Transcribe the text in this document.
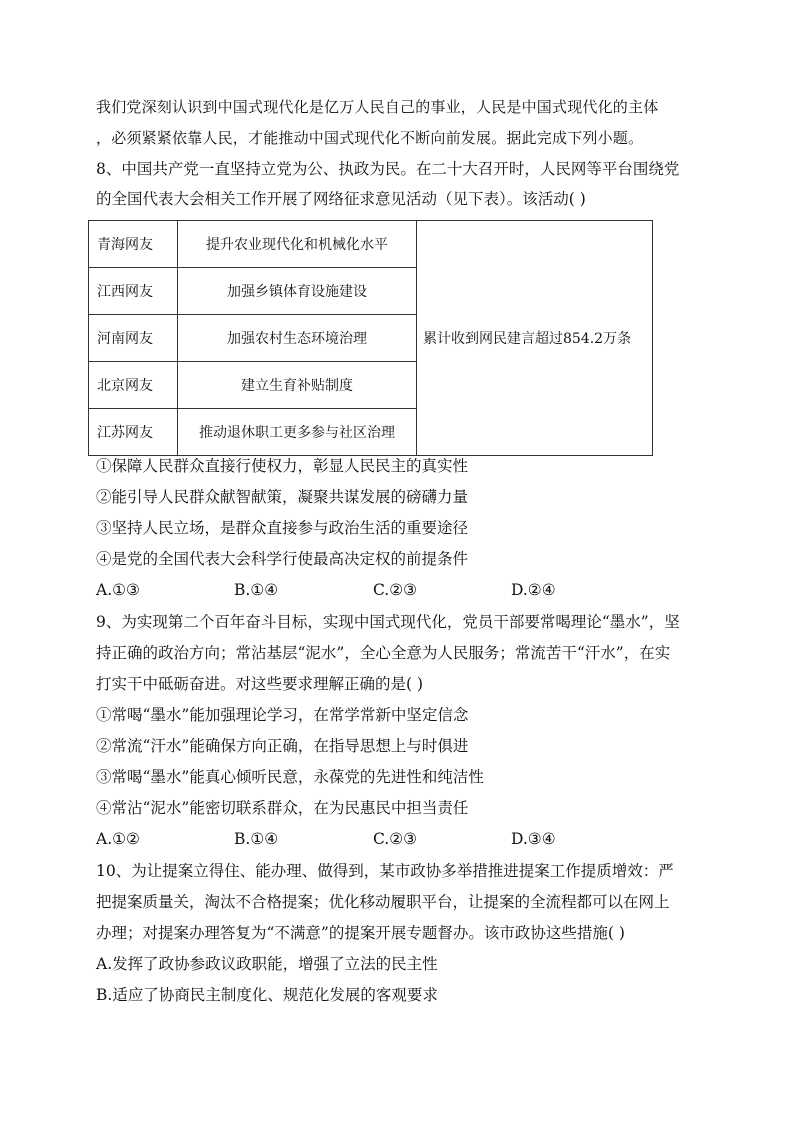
我们党深刻认识到中国式现代化是亿万人民自己的事业，人民是中国式现代化的主体
，必须紧紧依靠人民，才能推动中国式现代化不断向前发展。据此完成下列小题。
8、中国共产党一直坚持立党为公、执政为民。在二十大召开时，人民网等平台围绕党
的全国代表大会相关工作开展了网络征求意见活动（见下表）。该活动( )
青海网友	提升农业现代化和机械化水平	累计收到网民建言超过854.2万条
江西网友	加强乡镇体育设施建设	
河南网友	加强农村生态环境治理	
北京网友	建立生育补贴制度	
江苏网友	推动退休职工更多参与社区治理	
①保障人民群众直接行使权力，彰显人民民主的真实性
②能引导人民群众献智献策，凝聚共谋发展的磅礴力量
③坚持人民立场，是群众直接参与政治生活的重要途径
④是党的全国代表大会科学行使最高决定权的前提条件
A.①③	B.①④	C.②③	D.②④
9、为实现第二个百年奋斗目标，实现中国式现代化，党员干部要常喝理论“墨水”，坚
持正确的政治方向；常沾基层“泥水”，全心全意为人民服务；常流苦干“汗水”，在实
打实干中砥砺奋进。对这些要求理解正确的是( )
①常喝“墨水”能加强理论学习，在常学常新中坚定信念
②常流“汗水”能确保方向正确，在指导思想上与时俱进
③常喝“墨水”能真心倾听民意，永葆党的先进性和纯洁性
④常沾“泥水”能密切联系群众，在为民惠民中担当责任
A.①②	B.①④	C.②③	D.③④
10、为让提案立得住、能办理、做得到，某市政协多举措推进提案工作提质增效：严
把提案质量关，淘汰不合格提案；优化移动履职平台，让提案的全流程都可以在网上
办理；对提案办理答复为“不满意”的提案开展专题督办。该市政协这些措施( )
A.发挥了政协参政议政职能，增强了立法的民主性
B.适应了协商民主制度化、规范化发展的客观要求
